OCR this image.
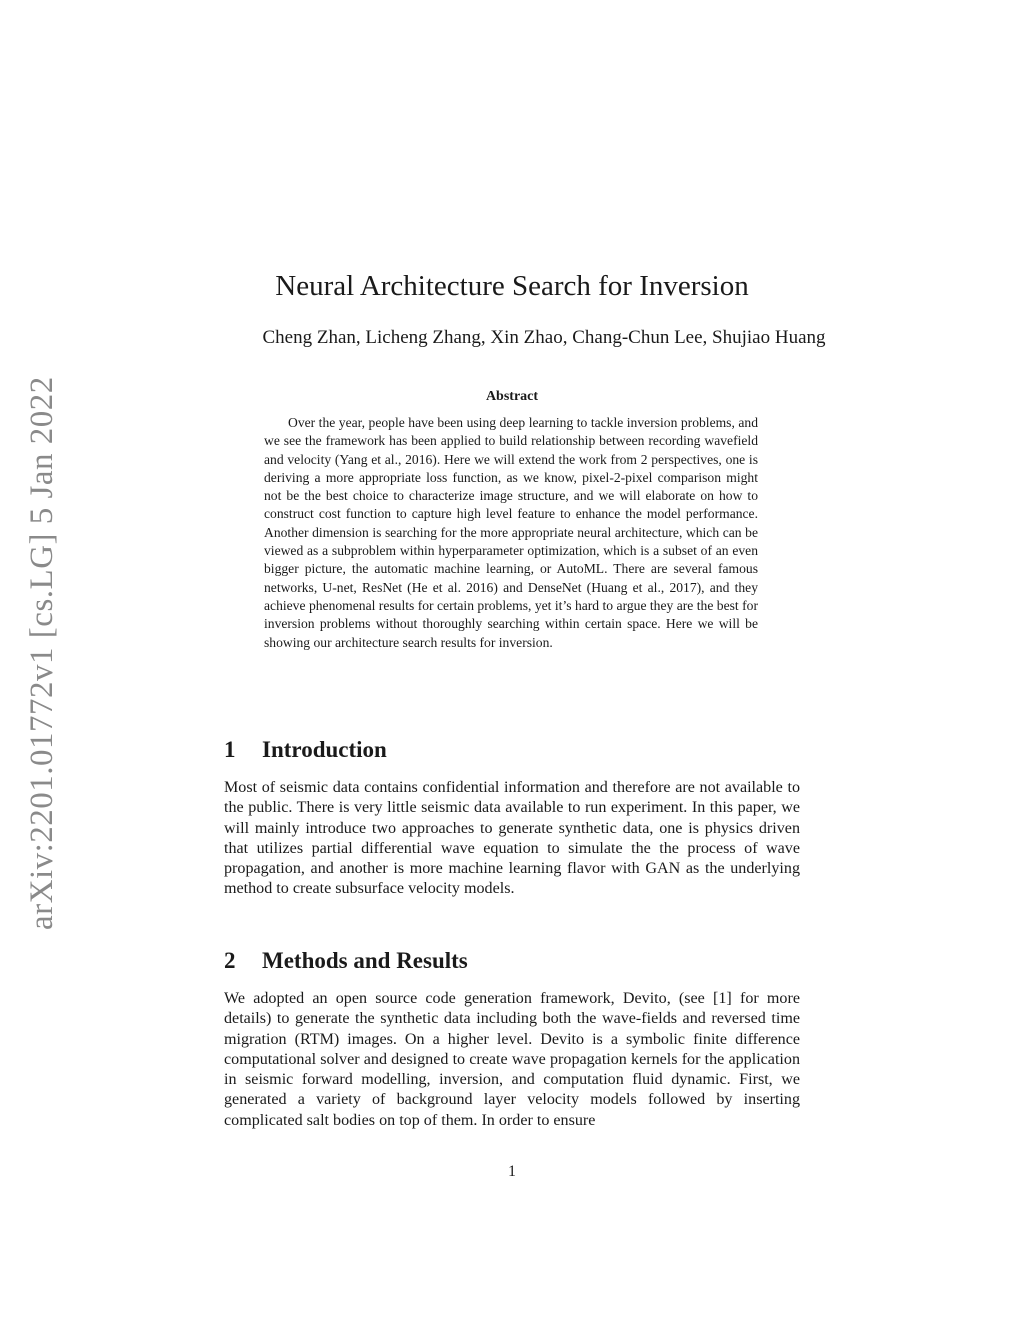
arXiv:2201.01772v1 [cs.LG] 5 Jan 2022
Neural Architecture Search for Inversion
Cheng Zhan, Licheng Zhang, Xin Zhao, Chang-Chun Lee, Shujiao Huang
Abstract

Over the year, people have been using deep learning to tackle inversion problems, and we see the framework has been applied to build relationship between recording wavefield and velocity (Yang et al., 2016). Here we will extend the work from 2 perspectives, one is deriving a more appropriate loss function, as we know, pixel-2-pixel comparison might not be the best choice to characterize image structure, and we will elaborate on how to construct cost function to capture high level feature to enhance the model performance. Another dimension is searching for the more appropriate neural architecture, which can be viewed as a subproblem within hyperparameter optimization, which is a subset of an even bigger picture, the automatic machine learning, or AutoML. There are several famous networks, U-net, ResNet (He et al. 2016) and DenseNet (Huang et al., 2017), and they achieve phenomenal results for certain problems, yet it’s hard to argue they are the best for inversion problems without thoroughly searching within certain space. Here we will be showing our architecture search results for inversion.

1 Introduction

Most of seismic data contains confidential information and therefore are not available to the public. There is very little seismic data available to run experiment. In this paper, we will mainly introduce two approaches to generate synthetic data, one is physics driven that utilizes partial differential wave equation to simulate the the process of wave propagation, and another is more machine learning flavor with GAN as the underlying method to create subsurface velocity models.

2 Methods and Results

We adopted an open source code generation framework, Devito, (see [1] for more details) to generate the synthetic data including both the wave-fields and reversed time migration (RTM) images. On a higher level. Devito is a symbolic finite difference computational solver and designed to create wave propagation kernels for the application in seismic forward modelling, inversion, and computation fluid dynamic. First, we generated a variety of background layer velocity models followed by inserting complicated salt bodies on top of them. In order to ensure

1
